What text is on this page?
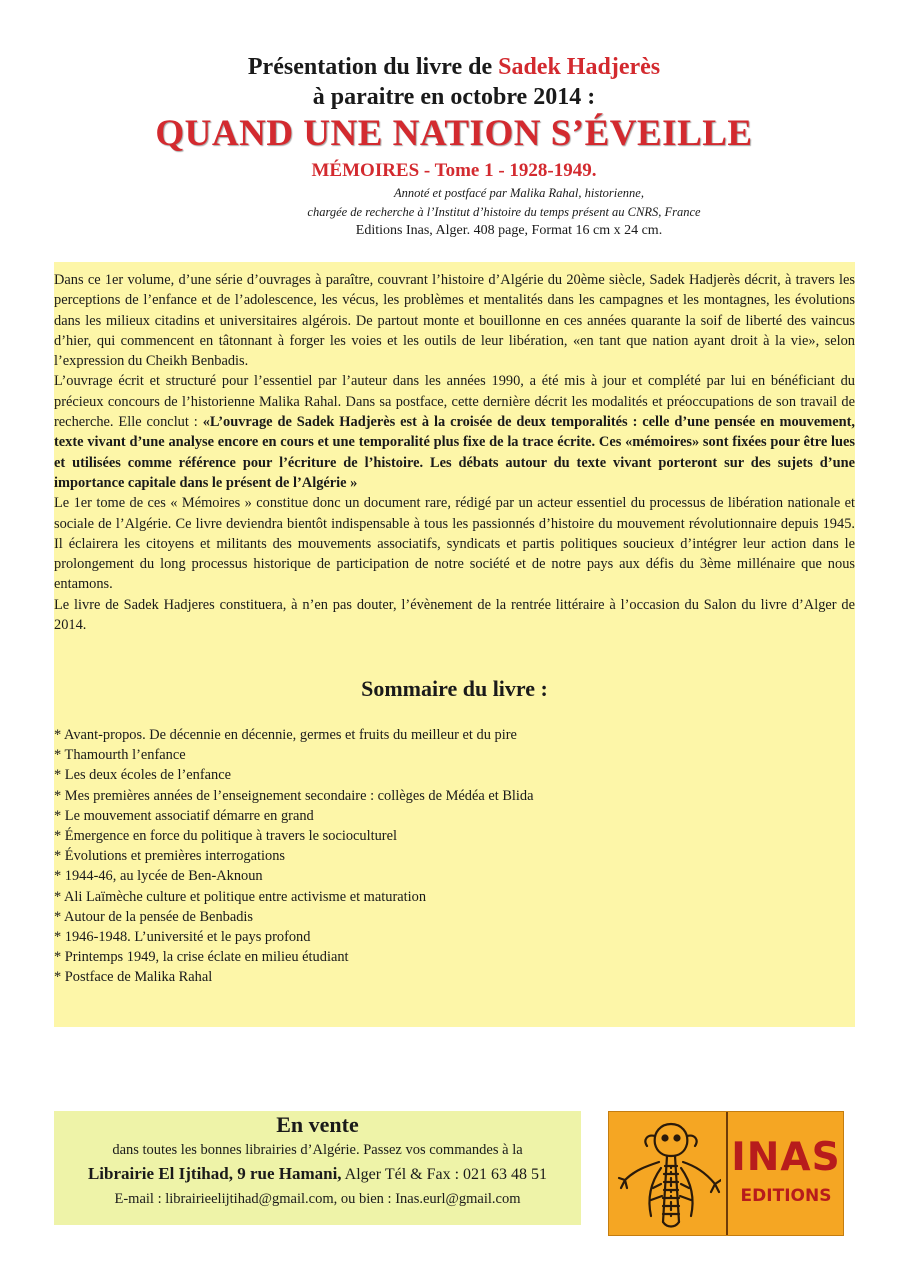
Présentation du livre de Sadek Hadjerès
à paraitre en octobre 2014 :
QUAND UNE NATION S’ÉVEILLE
MÉMOIRES - Tome 1 - 1928-1949.
Annoté et postfacé par Malika Rahal, historienne,
chargée de recherche à l’Institut d’histoire du temps présent au CNRS, France
Editions Inas, Alger. 408 page, Format 16 cm x 24 cm.

Dans ce 1er volume, d’une série d’ouvrages à paraître, couvrant l’histoire d’Algérie du 20ème siècle, Sadek Hadjerès décrit, à travers les perceptions de l’enfance et de l’adolescence, les vécus, les problèmes et mentalités dans les campagnes et les montagnes, les évolutions dans les milieux citadins et universitaires algérois. De partout monte et bouillonne en ces années quarante la soif de liberté des vaincus d’hier, qui commencent en tâtonnant à forger les voies et les outils de leur libération, «en tant que nation ayant droit à la vie», selon l’expression du Cheikh Benbadis.

L’ouvrage écrit et structuré pour l’essentiel par l’auteur dans les années 1990, a été mis à jour et complété par lui en bénéficiant du précieux concours de l’historienne Malika Rahal. Dans sa postface, cette dernière décrit les modalités et préoccupations de son travail de recherche. Elle conclut : «L’ouvrage de Sadek Hadjerès est à la croisée de deux temporalités : celle d’une pensée en mouvement, texte vivant d’une analyse encore en cours et une temporalité plus fixe de la trace écrite. Ces «mémoires» sont fixées pour être lues et utilisées comme référence pour l’écriture de l’histoire. Les débats autour du texte vivant porteront sur des sujets d’une importance capitale dans le présent de l’Algérie »

Le 1er tome de ces « Mémoires » constitue donc un document rare, rédigé par un acteur essentiel du processus de libération nationale et sociale de l’Algérie. Ce livre deviendra bientôt indispensable à tous les passionnés d’histoire du mouvement révolutionnaire depuis 1945. Il éclairera les citoyens et militants des mouvements associatifs, syndicats et partis politiques soucieux d’intégrer leur action dans le prolongement du long processus historique de participation de notre société et de notre pays aux défis du 3ème millénaire que nous entamons.

Le livre de Sadek Hadjeres constituera, à n’en pas douter, l’évènement de la rentrée littéraire à l’occasion du Salon du livre d’Alger de 2014.

Sommaire du livre :
* Avant-propos. De décennie en décennie, germes et fruits du meilleur et du pire
* Thamourth l’enfance
* Les deux écoles de l’enfance
* Mes premières années de l’enseignement secondaire : collèges de Médéa et Blida
* Le mouvement associatif démarre en grand
* Émergence en force du politique à travers le socioculturel
* Évolutions et premières interrogations
* 1944-46, au lycée de Ben-Aknoun
* Ali Laïmèche culture et politique entre activisme et maturation
* Autour de la pensée de Benbadis
* 1946-1948. L’université et le pays profond
* Printemps 1949, la crise éclate en milieu étudiant
* Postface de Malika Rahal
En vente
dans toutes les bonnes librairies d’Algérie. Passez vos commandes à la
Librairie El Ijtihad, 9 rue Hamani, Alger Tél & Fax : 021 63 48 51
E-mail : librairieelijtihad@gmail.com, ou bien : Inas.eurl@gmail.com
INAS
EDITIONS
